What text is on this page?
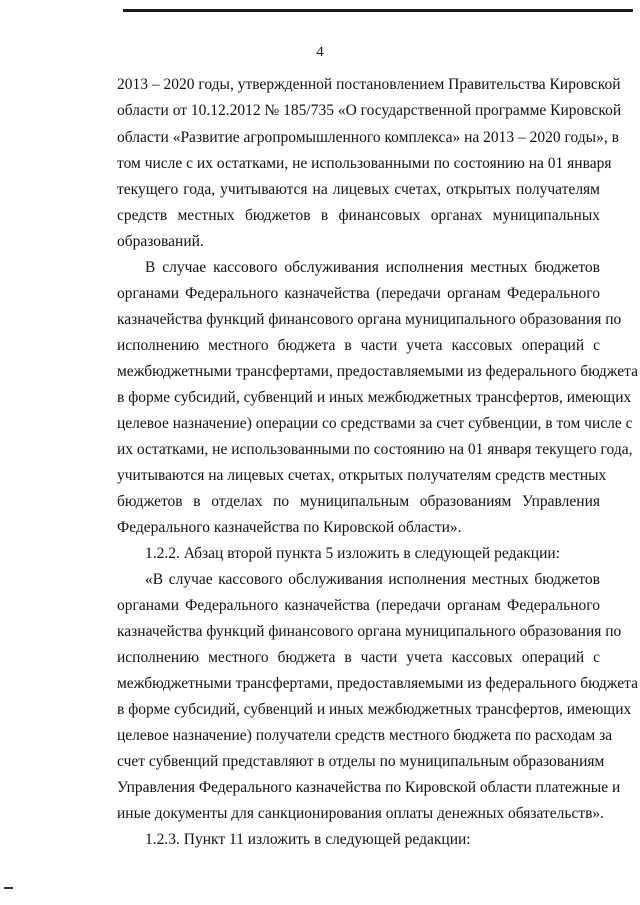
4
2013 – 2020 годы, утвержденной постановлением Правительства Кировской
области от 10.12.2012 № 185/735 «О государственной программе Кировской
области «Развитие агропромышленного комплекса» на 2013 – 2020 годы», в
том числе с их остатками, не использованными по состоянию на 01 января
текущего года, учитываются на лицевых счетах, открытых получателям
средств местных бюджетов в финансовых органах муниципальных
образований.
В случае кассового обслуживания исполнения местных бюджетов
органами Федерального казначейства (передачи органам Федерального
казначейства функций финансового органа муниципального образования по
исполнению местного бюджета в части учета кассовых операций с
межбюджетными трансфертами, предоставляемыми из федерального бюджета
в форме субсидий, субвенций и иных межбюджетных трансфертов, имеющих
целевое назначение) операции со средствами за счет субвенции, в том числе с
их остатками, не использованными по состоянию на 01 января текущего года,
учитываются на лицевых счетах, открытых получателям средств местных
бюджетов в отделах по муниципальным образованиям Управления
Федерального казначейства по Кировской области».
1.2.2. Абзац второй пункта 5 изложить в следующей редакции:
«В случае кассового обслуживания исполнения местных бюджетов
органами Федерального казначейства (передачи органам Федерального
казначейства функций финансового органа муниципального образования по
исполнению местного бюджета в части учета кассовых операций с
межбюджетными трансфертами, предоставляемыми из федерального бюджета
в форме субсидий, субвенций и иных межбюджетных трансфертов, имеющих
целевое назначение) получатели средств местного бюджета по расходам за
счет субвенций представляют в отделы по муниципальным образованиям
Управления Федерального казначейства по Кировской области платежные и
иные документы для санкционирования оплаты денежных обязательств».
1.2.3. Пункт 11 изложить в следующей редакции:
